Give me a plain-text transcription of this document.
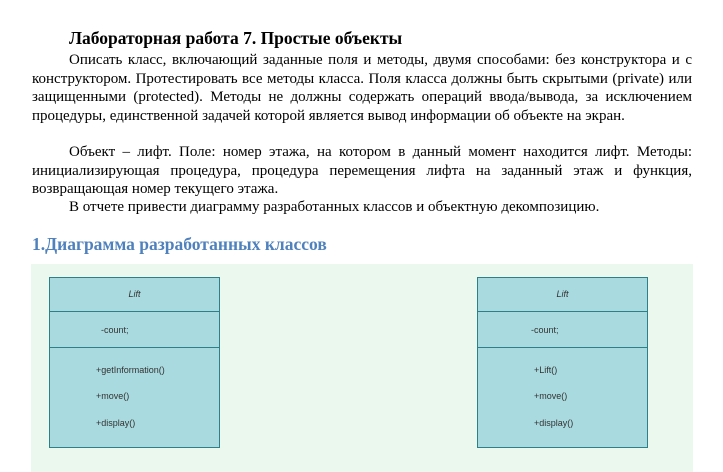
Лабораторная работа 7. Простые объекты

Описать класс, включающий заданные поля и методы, двумя способами: без конструктора и с конструктором. Протестировать все методы класса. Поля класса должны быть скрытыми (private) или защищенными (protected). Методы не должны содержать операций ввода/вывода, за исключением процедуры, единственной задачей которой является вывод информации об объекте на экран.

Объект – лифт. Поле: номер этажа, на котором в данный момент находится лифт. Методы: инициализирующая процедура, процедура перемещения лифта на заданный этаж и функция, возвращающая номер текущего этажа.

В отчете привести диаграмму разработанных классов и объектную декомпозицию.

1.Диаграмма разработанных классов
Lift
-count;
+getInformation()
+move()
+display()
Lift
-count;
+Lift()
+move()
+display()
